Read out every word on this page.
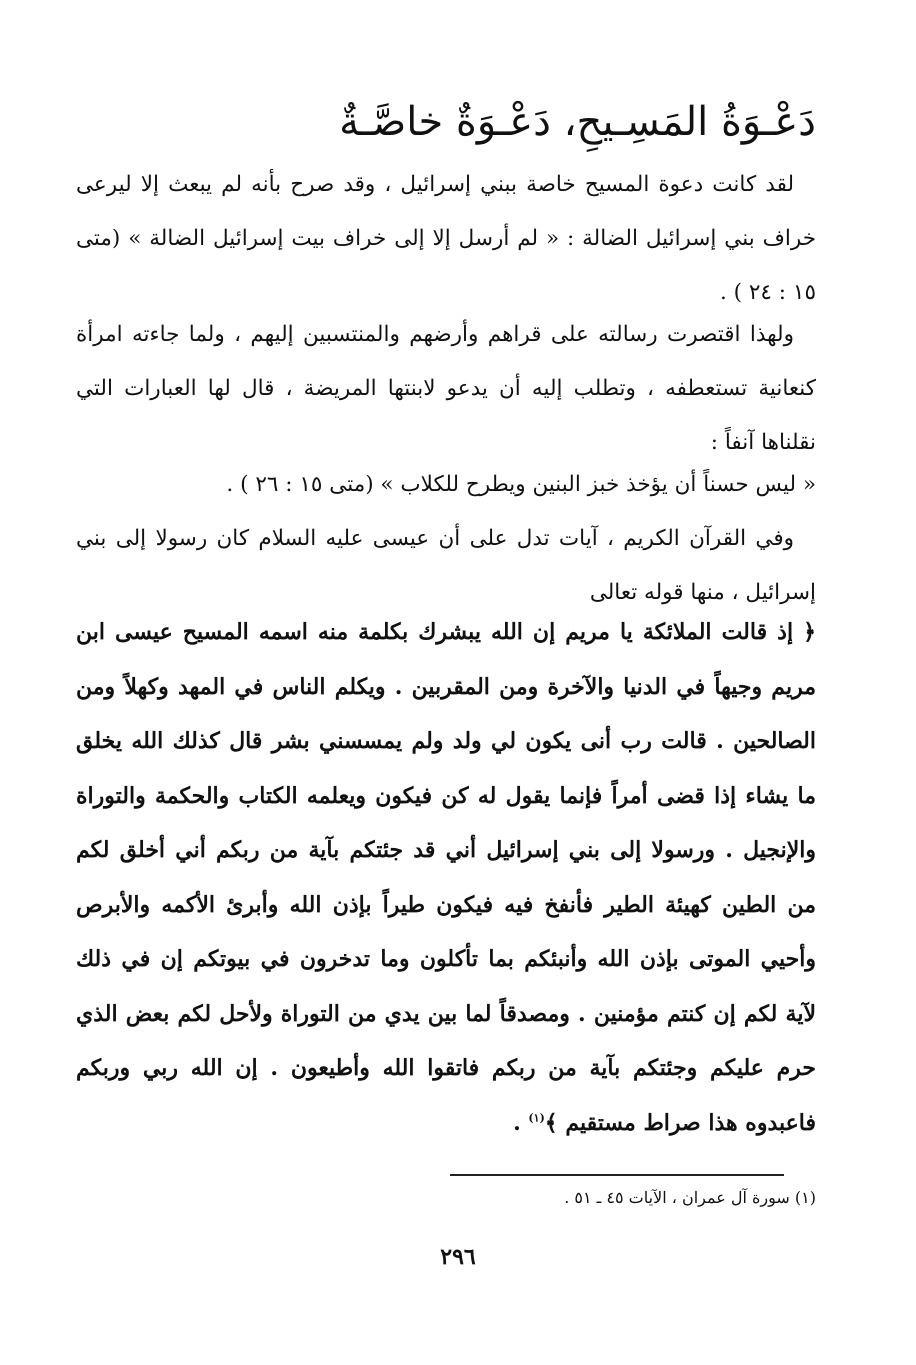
دَعْـوَةُ المَسِـيحِ، دَعْـوَةٌ خاصَّـةٌ
لقد كانت دعوة المسيح خاصة ببني إسرائيل ، وقد صرح بأنه لم يبعث إلا ليرعى خراف بني إسرائيل الضالة : « لم أرسل إلا إلى خراف بيت إسرائيل الضالة » (متى ١٥ : ٢٤ ) .
ولهذا اقتصرت رسالته على قراهم وأرضهم والمنتسبين إليهم ، ولما جاءته امرأة كنعانية تستعطفه ، وتطلب إليه أن يدعو لابنتها المريضة ، قال لها العبارات التي نقلناها آنفاً :
« ليس حسناً أن يؤخذ خبز البنين ويطرح للكلاب » (متى ١٥ : ٢٦ ) .
وفي القرآن الكريم ، آيات تدل على أن عيسى عليه السلام كان رسولا إلى بني إسرائيل ، منها قوله تعالى
﴿ إذ قالت الملائكة يا مريم إن الله يبشرك بكلمة منه اسمه المسيح عيسى ابن مريم وجيهاً في الدنيا والآخرة ومن المقربين . ويكلم الناس في المهد وكهلاً ومن الصالحين . قالت رب أنى يكون لي ولد ولم يمسسني بشر قال كذلك الله يخلق ما يشاء إذا قضى أمراً فإنما يقول له كن فيكون ويعلمه الكتاب والحكمة والتوراة والإنجيل . ورسولا إلى بني إسرائيل أني قد جئتكم بآية من ربكم أني أخلق لكم من الطين كهيئة الطير فأنفخ فيه فيكون طيراً بإذن الله وأبرئ الأكمه والأبرص وأحيي الموتى بإذن الله وأنبئكم بما تأكلون وما تدخرون في بيوتكم إن في ذلك لآية لكم إن كنتم مؤمنين . ومصدقاً لما بين يدي من التوراة ولأحل لكم بعض الذي حرم عليكم وجئتكم بآية من ربكم فاتقوا الله وأطيعون . إن الله ربي وربكم فاعبدوه هذا صراط مستقيم ﴾$^{(١)}$ .
(١) سورة آل عمران ، الآيات ٤٥ ـ ٥١ .
٢٩٦
